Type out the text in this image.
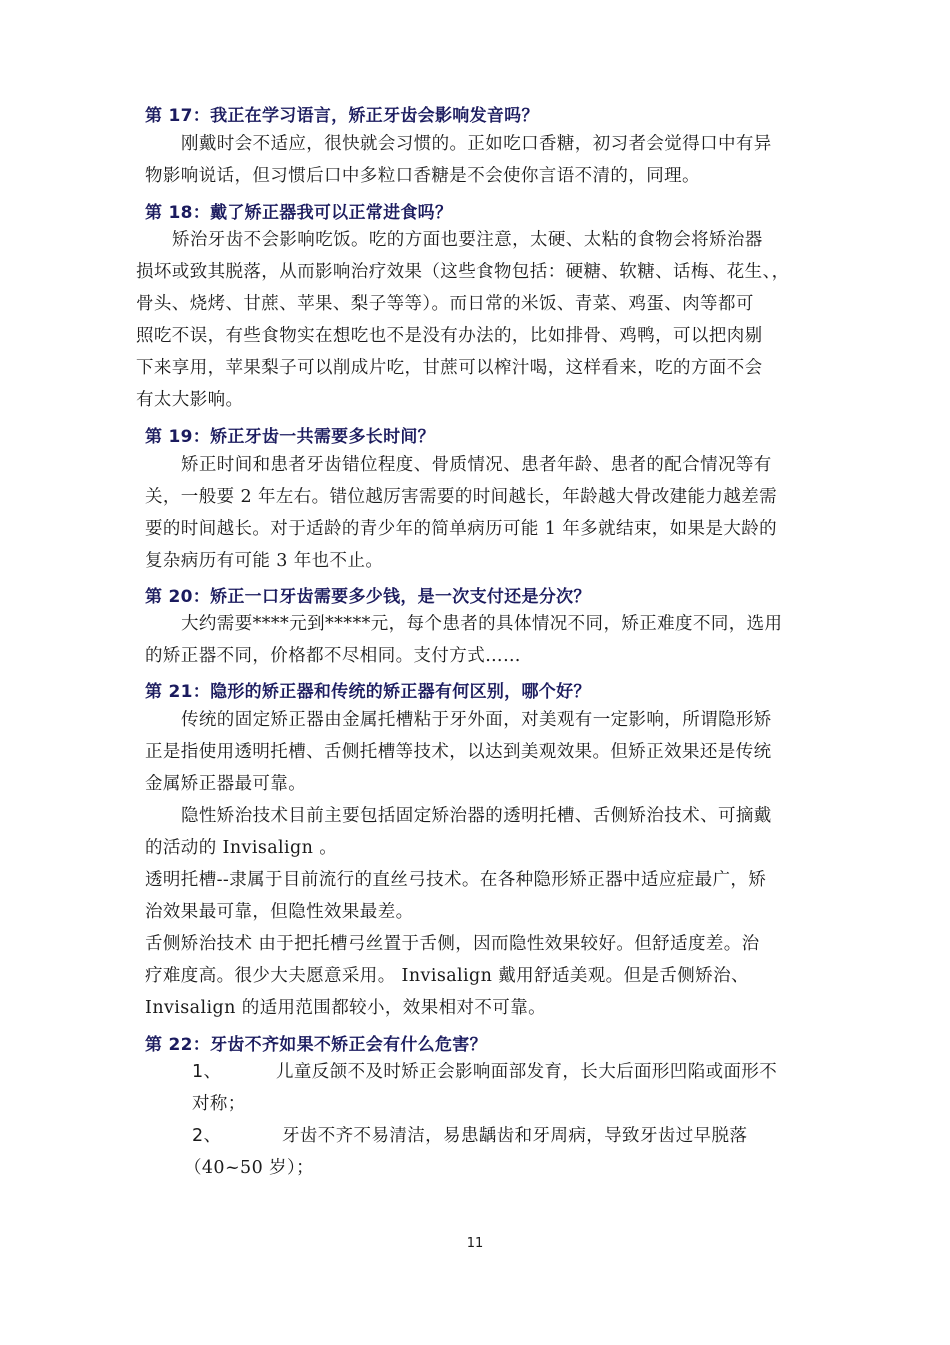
第 17：我正在学习语言，矫正牙齿会影响发音吗？
刚戴时会不适应，很快就会习惯的。正如吃口香糖，初习者会觉得口中有异
物影响说话，但习惯后口中多粒口香糖是不会使你言语不清的，同理。
第 18：戴了矫正器我可以正常进食吗？
矫治牙齿不会影响吃饭。吃的方面也要注意，太硬、太粘的食物会将矫治器
损坏或致其脱落，从而影响治疗效果（这些食物包括：硬糖、软糖、话梅、花生、，
骨头、烧烤、甘蔗、苹果、梨子等等）。而日常的米饭、青菜、鸡蛋、肉等都可
照吃不误，有些食物实在想吃也不是没有办法的，比如排骨、鸡鸭，可以把肉剔
下来享用，苹果梨子可以削成片吃，甘蔗可以榨汁喝，这样看来，吃的方面不会
有太大影响。
第 19：矫正牙齿一共需要多长时间？
矫正时间和患者牙齿错位程度、骨质情况、患者年龄、患者的配合情况等有
关，一般要 2 年左右。错位越厉害需要的时间越长，年龄越大骨改建能力越差需
要的时间越长。对于适龄的青少年的简单病历可能 1 年多就结束，如果是大龄的
复杂病历有可能 3 年也不止。
第 20：矫正一口牙齿需要多少钱，是一次支付还是分次？
大约需要****元到*****元，每个患者的具体情况不同，矫正难度不同，选用
的矫正器不同，价格都不尽相同。支付方式……
第 21：隐形的矫正器和传统的矫正器有何区别，哪个好？
传统的固定矫正器由金属托槽粘于牙外面，对美观有一定影响，所谓隐形矫
正是指使用透明托槽、舌侧托槽等技术，以达到美观效果。但矫正效果还是传统
金属矫正器最可靠。
隐性矫治技术目前主要包括固定矫治器的透明托槽、舌侧矫治技术、可摘戴
的活动的 Invisalign 。
透明托槽--隶属于目前流行的直丝弓技术。在各种隐形矫正器中适应症最广，矫
治效果最可靠，但隐性效果最差。
舌侧矫治技术 由于把托槽弓丝置于舌侧，因而隐性效果较好。但舒适度差。治
疗难度高。很少大夫愿意采用。 Invisalign 戴用舒适美观。但是舌侧矫治、
Invisalign 的适用范围都较小，效果相对不可靠。
第 22：牙齿不齐如果不矫正会有什么危害？
1、	儿童反颌不及时矫正会影响面部发育，长大后面形凹陷或面形不
对称；
2、	牙齿不齐不易清洁，易患龋齿和牙周病，导致牙齿过早脱落
（40~50 岁）；
11
